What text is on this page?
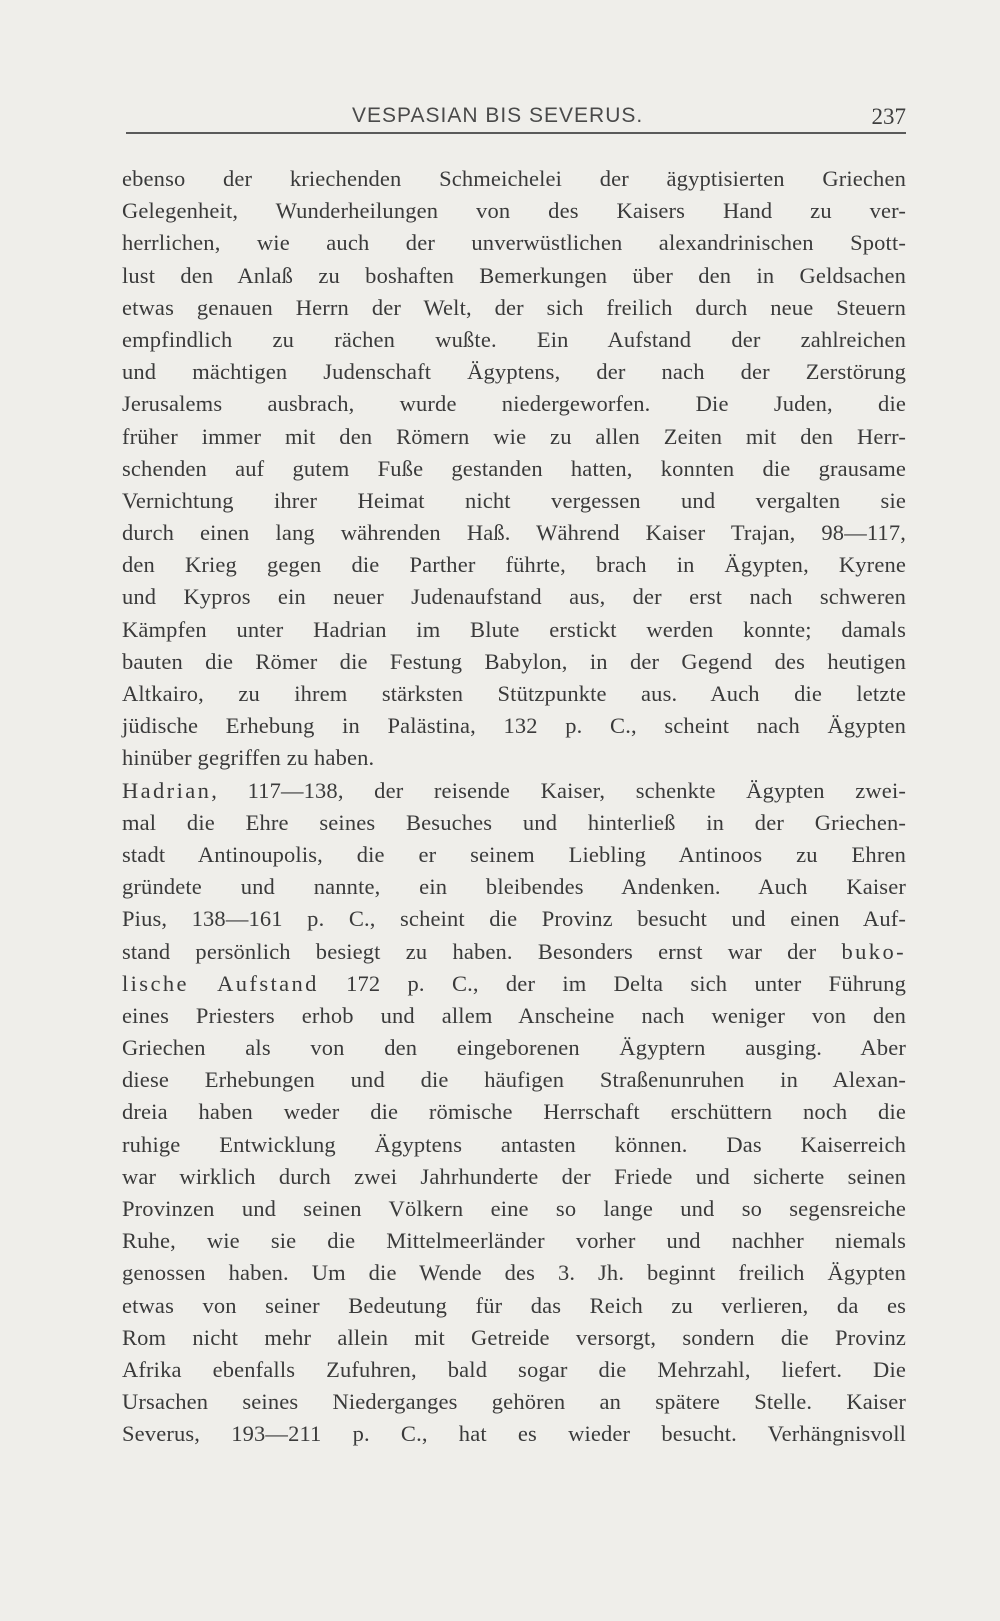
VESPASIAN BIS SEVERUS.	237
ebenso der kriechenden Schmeichelei der ägyptisierten Griechen
Gelegenheit, Wunderheilungen von des Kaisers Hand zu ver-
herrlichen, wie auch der unverwüstlichen alexandrinischen Spott-
lust den Anlaß zu boshaften Bemerkungen über den in Geldsachen
etwas genauen Herrn der Welt, der sich freilich durch neue Steuern
empfindlich zu rächen wußte. Ein Aufstand der zahlreichen
und mächtigen Judenschaft Ägyptens, der nach der Zerstörung
Jerusalems ausbrach, wurde niedergeworfen. Die Juden, die
früher immer mit den Römern wie zu allen Zeiten mit den Herr-
schenden auf gutem Fuße gestanden hatten, konnten die grausame
Vernichtung ihrer Heimat nicht vergessen und vergalten sie
durch einen lang währenden Haß. Während Kaiser Trajan, 98—117,
den Krieg gegen die Parther führte, brach in Ägypten, Kyrene
und Kypros ein neuer Judenaufstand aus, der erst nach schweren
Kämpfen unter Hadrian im Blute erstickt werden konnte; damals
bauten die Römer die Festung Babylon, in der Gegend des heutigen
Altkairo, zu ihrem stärksten Stützpunkte aus. Auch die letzte
jüdische Erhebung in Palästina, 132 p. C., scheint nach Ägypten
hinüber gegriffen zu haben.
Hadrian, 117—138, der reisende Kaiser, schenkte Ägypten zwei-
mal die Ehre seines Besuches und hinterließ in der Griechen-
stadt Antinoupolis, die er seinem Liebling Antinoos zu Ehren
gründete und nannte, ein bleibendes Andenken. Auch Kaiser
Pius, 138—161 p. C., scheint die Provinz besucht und einen Auf-
stand persönlich besiegt zu haben. Besonders ernst war der buko-
lische Aufstand 172 p. C., der im Delta sich unter Führung
eines Priesters erhob und allem Anscheine nach weniger von den
Griechen als von den eingeborenen Ägyptern ausging. Aber
diese Erhebungen und die häufigen Straßenunruhen in Alexan-
dreia haben weder die römische Herrschaft erschüttern noch die
ruhige Entwicklung Ägyptens antasten können. Das Kaiserreich
war wirklich durch zwei Jahrhunderte der Friede und sicherte seinen
Provinzen und seinen Völkern eine so lange und so segensreiche
Ruhe, wie sie die Mittelmeerländer vorher und nachher niemals
genossen haben. Um die Wende des 3. Jh. beginnt freilich Ägypten
etwas von seiner Bedeutung für das Reich zu verlieren, da es
Rom nicht mehr allein mit Getreide versorgt, sondern die Provinz
Afrika ebenfalls Zufuhren, bald sogar die Mehrzahl, liefert. Die
Ursachen seines Niederganges gehören an spätere Stelle. Kaiser
Severus, 193—211 p. C., hat es wieder besucht. Verhängnisvoll
